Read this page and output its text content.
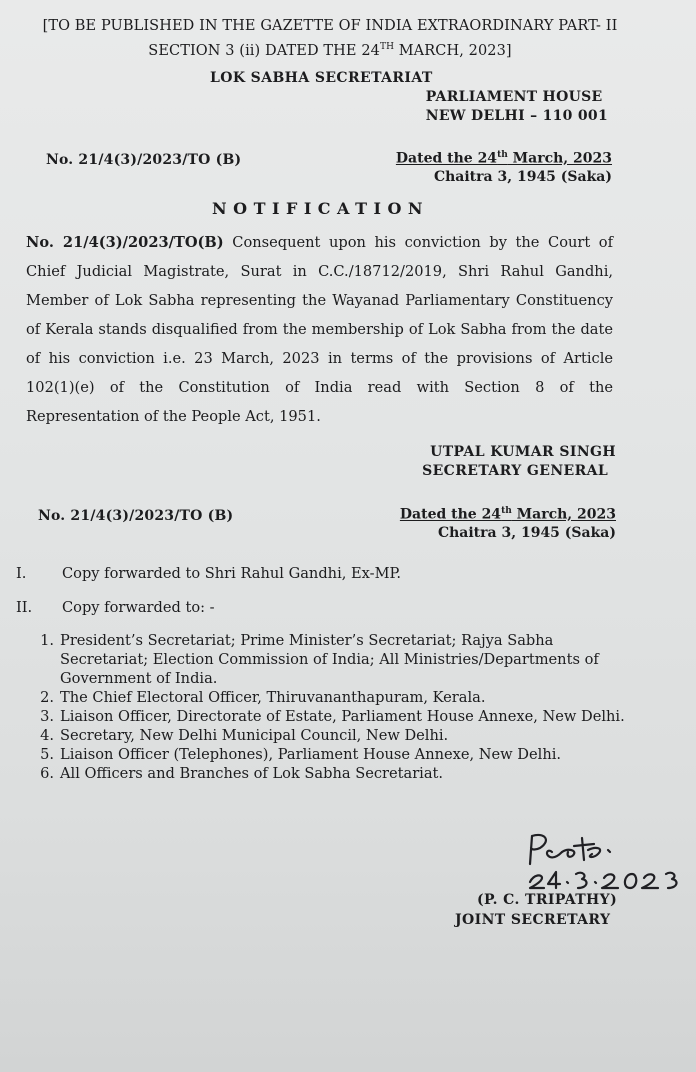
[TO BE PUBLISHED IN THE GAZETTE OF INDIA EXTRAORDINARY PART- II
SECTION 3 (ii) DATED THE 24TH MARCH, 2023]
LOK SABHA SECRETARIAT
PARLIAMENT HOUSE
NEW DELHI – 110 001
No. 21/4(3)/2023/TO (B)	Dated the 24th March, 2023
Chaitra 3, 1945 (Saka)
NOTIFICATION
No. 21/4(3)/2023/TO(B) Consequent upon his conviction by the Court of Chief Judicial Magistrate, Surat in C.C./18712/2019, Shri Rahul Gandhi, Member of Lok Sabha representing the Wayanad Parliamentary Constituency of Kerala stands disqualified from the membership of Lok Sabha from the date of his conviction i.e. 23 March, 2023 in terms of the provisions of Article 102(1)(e) of the Constitution of India read with Section 8 of the Representation of the People Act, 1951.
UTPAL KUMAR SINGH
SECRETARY GENERAL
No. 21/4(3)/2023/TO (B)	Dated the 24th March, 2023
Chaitra 3, 1945 (Saka)
I. Copy forwarded to Shri Rahul Gandhi, Ex-MP.
II. Copy forwarded to: -
1. President’s Secretariat; Prime Minister’s Secretariat; Rajya Sabha Secretariat; Election Commission of India; All Ministries/Departments of Government of India.
2. The Chief Electoral Officer, Thiruvananthapuram, Kerala.
3. Liaison Officer, Directorate of Estate, Parliament House Annexe, New Delhi.
4. Secretary, New Delhi Municipal Council, New Delhi.
5. Liaison Officer (Telephones), Parliament House Annexe, New Delhi.
6. All Officers and Branches of Lok Sabha Secretariat.
(P. C. TRIPATHY)
JOINT SECRETARY
